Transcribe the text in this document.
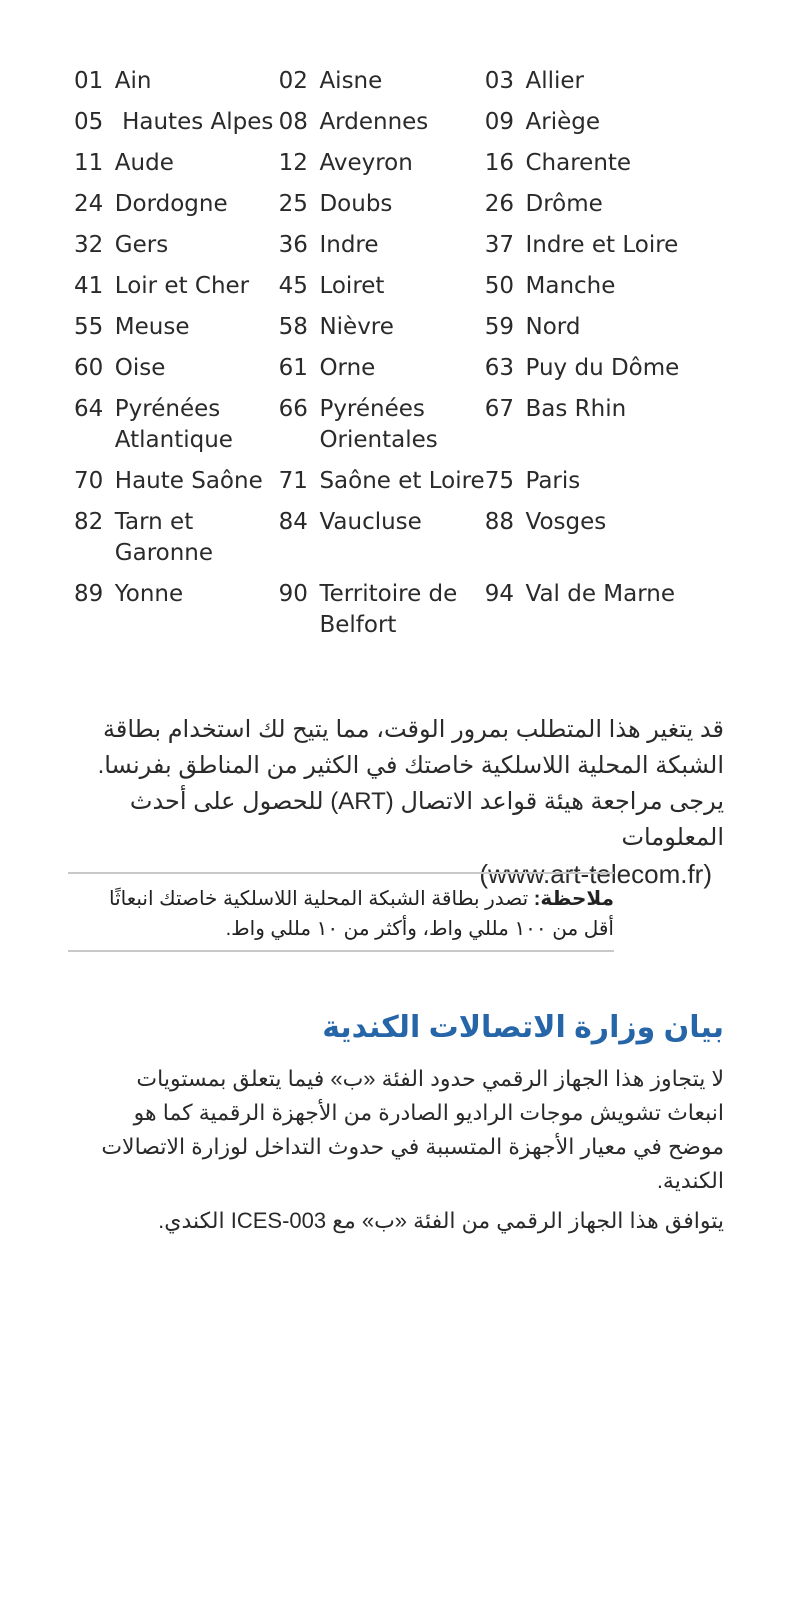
01	Ain	02	Aisne	03	Allier
05	Hautes Alpes	08	Ardennes	09	Ariège
11	Aude	12	Aveyron	16	Charente
24	Dordogne	25	Doubs	26	Drôme
32	Gers	36	Indre	37	Indre et Loire
41	Loir et Cher	45	Loiret	50	Manche
55	Meuse	58	Nièvre	59	Nord
60	Oise	61	Orne	63	Puy du Dôme
64	Pyrénées Atlantique	66	Pyrénées Orientales	67	Bas Rhin
70	Haute Saône	71	Saône et Loire	75	Paris
82	Tarn et Garonne	84	Vaucluse	88	Vosges
89	Yonne	90	Territoire de Belfort	94	Val de Marne

قد يتغير هذا المتطلب بمرور الوقت، مما يتيح لك استخدام بطاقة الشبكة المحلية اللاسلكية خاصتك في الكثير من المناطق بفرنسا. يرجى مراجعة هيئة قواعد الاتصال (ART) للحصول على أحدث المعلومات

(www.art-telecom.fr)

ملاحظة: تصدر بطاقة الشبكة المحلية اللاسلكية خاصتك انبعاثًا أقل من ١٠٠ مللي واط، وأكثر من ١٠ مللي واط.

بيان وزارة الاتصالات الكندية

لا يتجاوز هذا الجهاز الرقمي حدود الفئة «ب» فيما يتعلق بمستويات انبعاث تشويش موجات الراديو الصادرة من الأجهزة الرقمية كما هو موضح في معيار الأجهزة المتسببة في حدوث التداخل لوزارة الاتصالات الكندية.

يتوافق هذا الجهاز الرقمي من الفئة «ب» مع ICES-003 الكندي.
